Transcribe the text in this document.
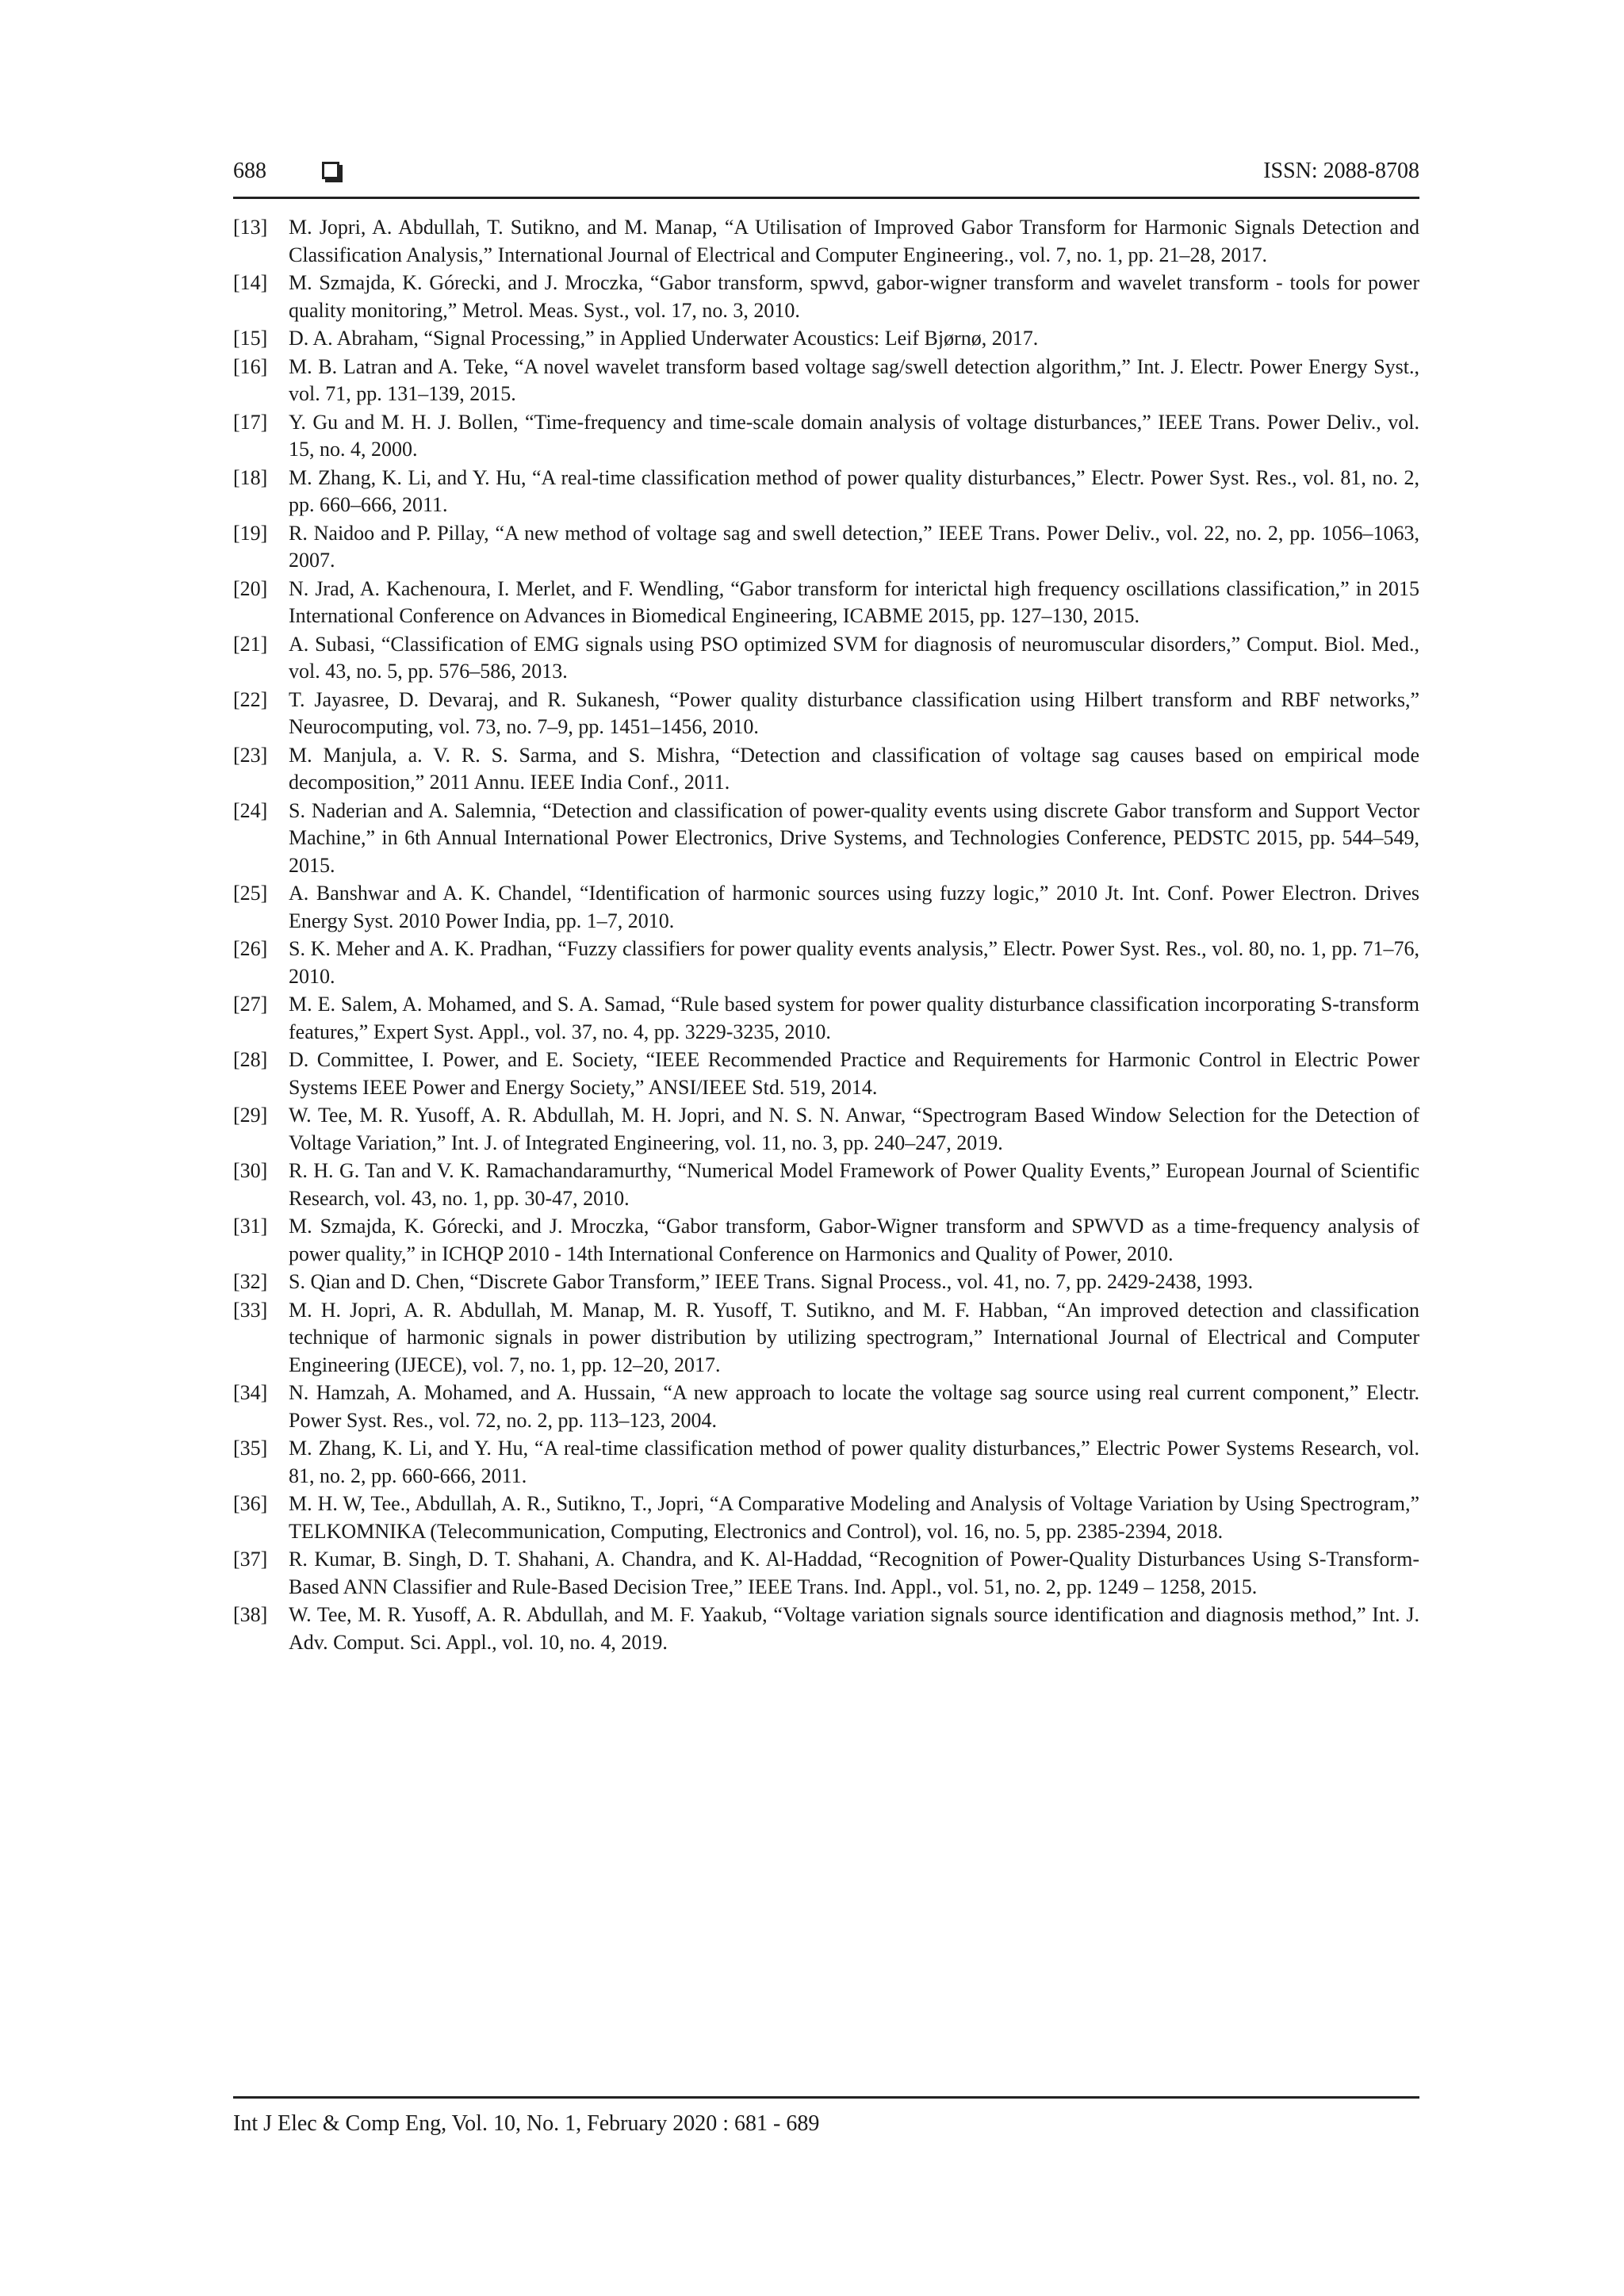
688	ISSN: 2088-8708
[13]	M. Jopri, A. Abdullah, T. Sutikno, and M. Manap, “A Utilisation of Improved Gabor Transform for Harmonic Signals Detection and Classification Analysis,” International Journal of Electrical and Computer Engineering., vol. 7, no. 1, pp. 21–28, 2017.
[14]	M. Szmajda, K. Górecki, and J. Mroczka, “Gabor transform, spwvd, gabor-wigner transform and wavelet transform - tools for power quality monitoring,” Metrol. Meas. Syst., vol. 17, no. 3, 2010.
[15]	D. A. Abraham, “Signal Processing,” in Applied Underwater Acoustics: Leif Bjørnø, 2017.
[16]	M. B. Latran and A. Teke, “A novel wavelet transform based voltage sag/swell detection algorithm,” Int. J. Electr. Power Energy Syst., vol. 71, pp. 131–139, 2015.
[17]	Y. Gu and M. H. J. Bollen, “Time-frequency and time-scale domain analysis of voltage disturbances,” IEEE Trans. Power Deliv., vol. 15, no. 4, 2000.
[18]	M. Zhang, K. Li, and Y. Hu, “A real-time classification method of power quality disturbances,” Electr. Power Syst. Res., vol. 81, no. 2, pp. 660–666, 2011.
[19]	R. Naidoo and P. Pillay, “A new method of voltage sag and swell detection,” IEEE Trans. Power Deliv., vol. 22, no. 2, pp. 1056–1063, 2007.
[20]	N. Jrad, A. Kachenoura, I. Merlet, and F. Wendling, “Gabor transform for interictal high frequency oscillations classification,” in 2015 International Conference on Advances in Biomedical Engineering, ICABME 2015, pp. 127–130, 2015.
[21]	A. Subasi, “Classification of EMG signals using PSO optimized SVM for diagnosis of neuromuscular disorders,” Comput. Biol. Med., vol. 43, no. 5, pp. 576–586, 2013.
[22]	T. Jayasree, D. Devaraj, and R. Sukanesh, “Power quality disturbance classification using Hilbert transform and RBF networks,” Neurocomputing, vol. 73, no. 7–9, pp. 1451–1456, 2010.
[23]	M. Manjula, a. V. R. S. Sarma, and S. Mishra, “Detection and classification of voltage sag causes based on empirical mode decomposition,” 2011 Annu. IEEE India Conf., 2011.
[24]	S. Naderian and A. Salemnia, “Detection and classification of power-quality events using discrete Gabor transform and Support Vector Machine,” in 6th Annual International Power Electronics, Drive Systems, and Technologies Conference, PEDSTC 2015, pp. 544–549, 2015.
[25]	A. Banshwar and A. K. Chandel, “Identification of harmonic sources using fuzzy logic,” 2010 Jt. Int. Conf. Power Electron. Drives Energy Syst. 2010 Power India, pp. 1–7, 2010.
[26]	S. K. Meher and A. K. Pradhan, “Fuzzy classifiers for power quality events analysis,” Electr. Power Syst. Res., vol. 80, no. 1, pp. 71–76, 2010.
[27]	M. E. Salem, A. Mohamed, and S. A. Samad, “Rule based system for power quality disturbance classification incorporating S-transform features,” Expert Syst. Appl., vol. 37, no. 4, pp. 3229-3235, 2010.
[28]	D. Committee, I. Power, and E. Society, “IEEE Recommended Practice and Requirements for Harmonic Control in Electric Power Systems IEEE Power and Energy Society,” ANSI/IEEE Std. 519, 2014.
[29]	W. Tee, M. R. Yusoff, A. R. Abdullah, M. H. Jopri, and N. S. N. Anwar, “Spectrogram Based Window Selection for the Detection of Voltage Variation,” Int. J. of Integrated Engineering, vol. 11, no. 3, pp. 240–247, 2019.
[30]	R. H. G. Tan and V. K. Ramachandaramurthy, “Numerical Model Framework of Power Quality Events,” European Journal of Scientific Research, vol. 43, no. 1, pp. 30-47, 2010.
[31]	M. Szmajda, K. Górecki, and J. Mroczka, “Gabor transform, Gabor-Wigner transform and SPWVD as a time-frequency analysis of power quality,” in ICHQP 2010 - 14th International Conference on Harmonics and Quality of Power, 2010.
[32]	S. Qian and D. Chen, “Discrete Gabor Transform,” IEEE Trans. Signal Process., vol. 41, no. 7, pp. 2429-2438, 1993.
[33]	M. H. Jopri, A. R. Abdullah, M. Manap, M. R. Yusoff, T. Sutikno, and M. F. Habban, “An improved detection and classification technique of harmonic signals in power distribution by utilizing spectrogram,” International Journal of Electrical and Computer Engineering (IJECE), vol. 7, no. 1, pp. 12–20, 2017.
[34]	N. Hamzah, A. Mohamed, and A. Hussain, “A new approach to locate the voltage sag source using real current component,” Electr. Power Syst. Res., vol. 72, no. 2, pp. 113–123, 2004.
[35]	M. Zhang, K. Li, and Y. Hu, “A real-time classification method of power quality disturbances,” Electric Power Systems Research, vol. 81, no. 2, pp. 660-666, 2011.
[36]	M. H. W, Tee., Abdullah, A. R., Sutikno, T., Jopri, “A Comparative Modeling and Analysis of Voltage Variation by Using Spectrogram,” TELKOMNIKA (Telecommunication, Computing, Electronics and Control), vol. 16, no. 5, pp. 2385-2394, 2018.
[37]	R. Kumar, B. Singh, D. T. Shahani, A. Chandra, and K. Al-Haddad, “Recognition of Power-Quality Disturbances Using S-Transform-Based ANN Classifier and Rule-Based Decision Tree,” IEEE Trans. Ind. Appl., vol. 51, no. 2, pp. 1249 – 1258, 2015.
[38]	W. Tee, M. R. Yusoff, A. R. Abdullah, and M. F. Yaakub, “Voltage variation signals source identification and diagnosis method,” Int. J. Adv. Comput. Sci. Appl., vol. 10, no. 4, 2019.
Int J Elec & Comp Eng, Vol. 10, No. 1, February 2020 : 681 - 689
